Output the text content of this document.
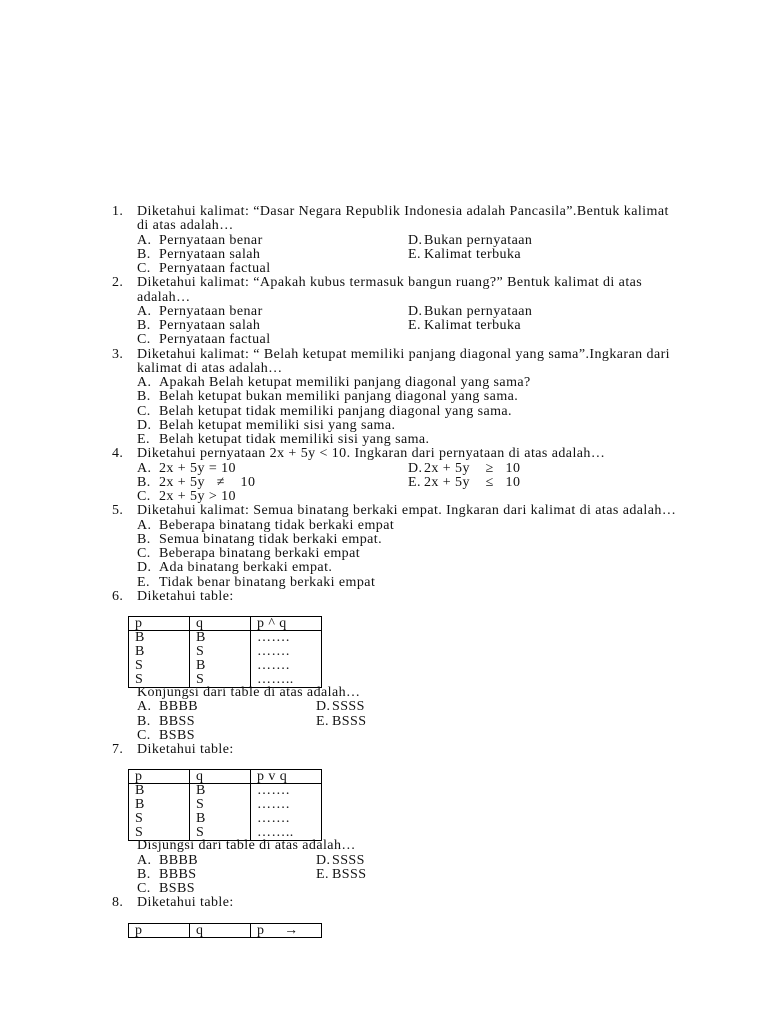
1.

Diketahui kalimat: “Dasar Negara Republik Indonesia adalah Pancasila”.Bentuk kalimat

di atas adalah…

A.

Pernyataan benar

	D.

Bukan pernyataan

B.

Pernyataan salah

	E.

Kalimat terbuka

C.

Pernyataan factual

2.

Diketahui kalimat: “Apakah kubus termasuk bangun ruang?” Bentuk kalimat di atas

adalah…

A.

Pernyataan benar

	D.

Bukan pernyataan

B.

Pernyataan salah

	E.

Kalimat terbuka

C.

Pernyataan factual

3.

Diketahui kalimat: “ Belah ketupat memiliki panjang diagonal yang sama”.Ingkaran dari

kalimat di atas adalah…

A.

Apakah Belah ketupat memiliki panjang diagonal yang sama?

B.

Belah ketupat bukan memiliki panjang diagonal yang sama.

C.

Belah ketupat tidak memiliki panjang diagonal yang sama.

D.

Belah ketupat memiliki sisi yang sama.

E.

Belah ketupat tidak memiliki sisi yang sama.

4.

Diketahui pernyataan 2x + 5y < 10. Ingkaran dari pernyataan di atas adalah…

A.

2x + 5y = 10

	D.

2x + 5y    ≥   10

B.

2x + 5y   ≠    10

	E.

2x + 5y    ≤   10

C.

2x + 5y > 10

5.

Diketahui kalimat: Semua binatang berkaki empat. Ingkaran dari kalimat di atas adalah…

A.

Beberapa binatang tidak berkaki empat

B.

Semua binatang tidak berkaki empat.

C.

Beberapa binatang berkaki empat

D.

Ada binatang berkaki empat.

E.

Tidak benar binatang berkaki empat

6.

Diketahui table:

p	q	p ^ q
B	B	…….
B	S	…….
S	B	…….
S	S	……..

Konjungsi dari table di atas adalah…

A.

BBBB

	D.

SSSS

B.

BBSS

	E.

BSSS

C.

BSBS

7.

Diketahui table:

p	q	p v q
B	B	…….
B	S	…….
S	B	…….
S	S	……..

Disjungsi dari table di atas adalah…

A.

BBBB

	D.

SSSS

B.

BBBS

	E.

BSSS

C.

BSBS

8.

Diketahui table:

p	q	p     →
